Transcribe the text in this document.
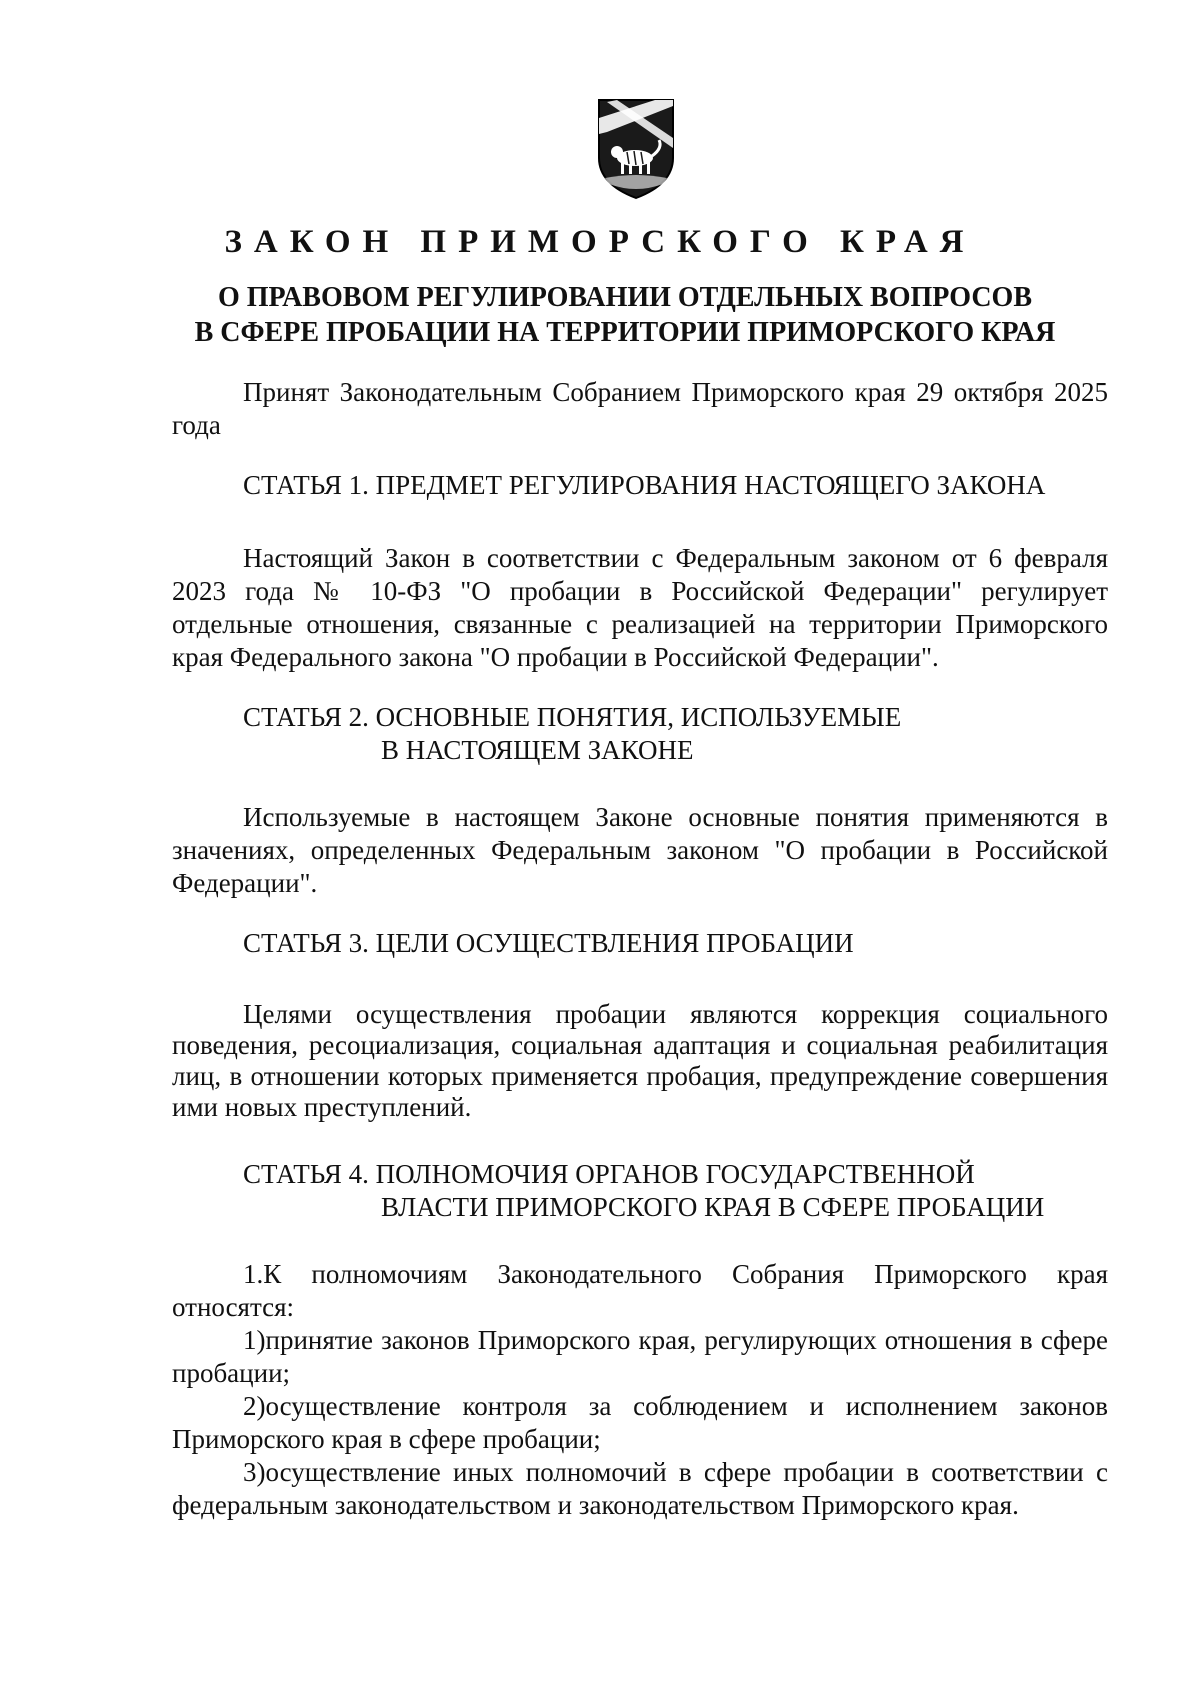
ЗАКОН ПРИМОРСКОГО КРАЯ
О ПРАВОВОМ РЕГУЛИРОВАНИИ ОТДЕЛЬНЫХ ВОПРОСОВ
В СФЕРЕ ПРОБАЦИИ НА ТЕРРИТОРИИ ПРИМОРСКОГО КРАЯ

Принят Законодательным Собранием Приморского края 29 октября 2025 года

СТАТЬЯ 1. ПРЕДМЕТ РЕГУЛИРОВАНИЯ НАСТОЯЩЕГО ЗАКОНА

Настоящий Закон в соответствии с Федеральным законом от 6 февраля 2023 года № 10-ФЗ "О пробации в Российской Федерации" регулирует отдельные отношения, связанные с реализацией на территории Приморского края Федерального закона "О пробации в Российской Федерации".

СТАТЬЯ 2. ОСНОВНЫЕ ПОНЯТИЯ, ИСПОЛЬЗУЕМЫЕ
В НАСТОЯЩЕМ ЗАКОНЕ

Используемые в настоящем Законе основные понятия применяются в значениях, определенных Федеральным законом "О пробации в Российской Федерации".

СТАТЬЯ 3. ЦЕЛИ ОСУЩЕСТВЛЕНИЯ ПРОБАЦИИ

Целями осуществления пробации являются коррекция социального поведения, ресоциализация, социальная адаптация и социальная реабилитация лиц, в отношении которых применяется пробация, предупреждение совершения ими новых преступлений.

СТАТЬЯ 4. ПОЛНОМОЧИЯ ОРГАНОВ ГОСУДАРСТВЕННОЙ
ВЛАСТИ ПРИМОРСКОГО КРАЯ В СФЕРЕ ПРОБАЦИИ

1.К полномочиям Законодательного Собрания Приморского края относятся:

1)принятие законов Приморского края, регулирующих отношения в сфере пробации;

2)осуществление контроля за соблюдением и исполнением законов Приморского края в сфере пробации;

3)осуществление иных полномочий в сфере пробации в соответствии с федеральным законодательством и законодательством Приморского края.
